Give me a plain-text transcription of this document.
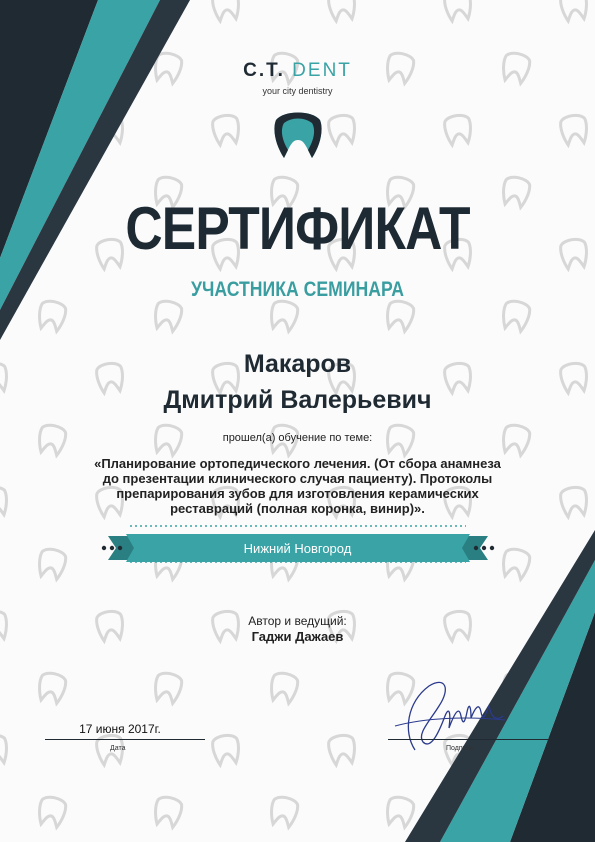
C.T. DENT
your city dentistry
СЕРТИФИКАТ
УЧАСТНИКА СЕМИНАРА
Макаров
Дмитрий Валерьевич
прошел(а) обучение по теме:
«Планирование ортопедического лечения. (От сбора анамнеза
до презентации клинического случая пациенту). Протоколы
препарирования зубов для изготовления керамических
реставраций (полная коронка, винир)».
Нижний Новгород
Автор и ведущий:
Гаджи Дажаев
17 июня 2017г.
Дата	Подпись
